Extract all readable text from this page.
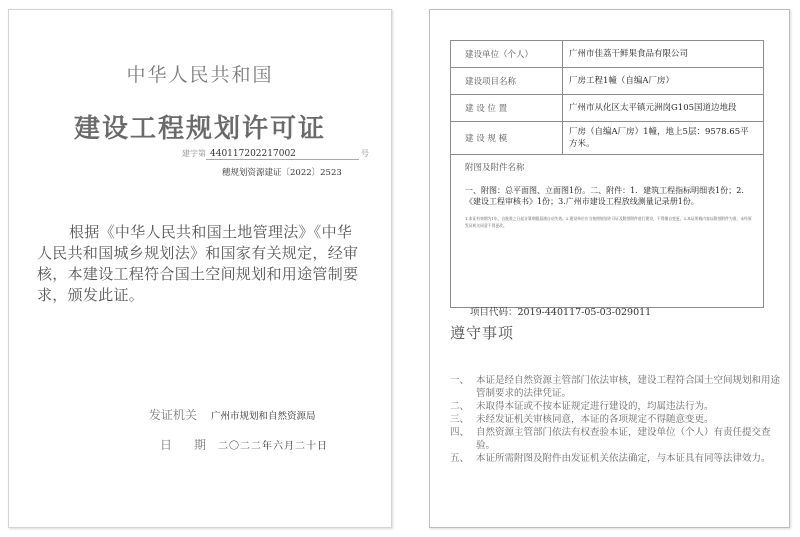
中华人民共和国
建设工程规划许可证
建字第 440117202217002	号
穗规划资源建证〔2022〕2523
根据《中华人民共和国土地管理法》《中华人民共和国城乡规划法》和国家有关规定，经审核，本建设工程符合国土空间规划和用途管制要求，颁发此证。
发证机关 广州市规划和自然资源局
日 期 二〇二二年六月二十日
建设单位（个人）	广州市佳荔干鲜果食品有限公司
建设项目名称	厂房工程1幢（自编A厂房）
建 设 位 置	广州市从化区太平镇元洲岗G105国道边地段
建 设 规 模	厂房（自编A厂房）1幢，地上5层：9578.65平方米。

附图及附件名称
一、附图：总平面图、立面图1份。二、附件：1．建筑工程指标明细表1份；2．《建设工程审核书》1份；3.广州市建设工程放线测量记录册1份。
1.本证有效期为1年，自批准之日起计算期限届满自动失效。2.建设单位应当按照规划许可证及附图附件进行建设，不得擅自变更。3.本证所载内容以附图附件为准，未经原发证机关同意不得更改。	
项目代码：2019-440117-05-03-029011
遵守事项
一、 本证是经自然资源主管部门依法审核，建设工程符合国土空间规划和用途管制要求的法律凭证。
二、 未取得本证或不按本证规定进行建设的，均属违法行为。
三、 未经发证机关审核同意，本证的各项规定不得随意变更。
四、 自然资源主管部门依法有权查验本证，建设单位（个人）有责任提交查验。
五、 本证所需附图及附件由发证机关依法确定，与本证具有同等法律效力。
